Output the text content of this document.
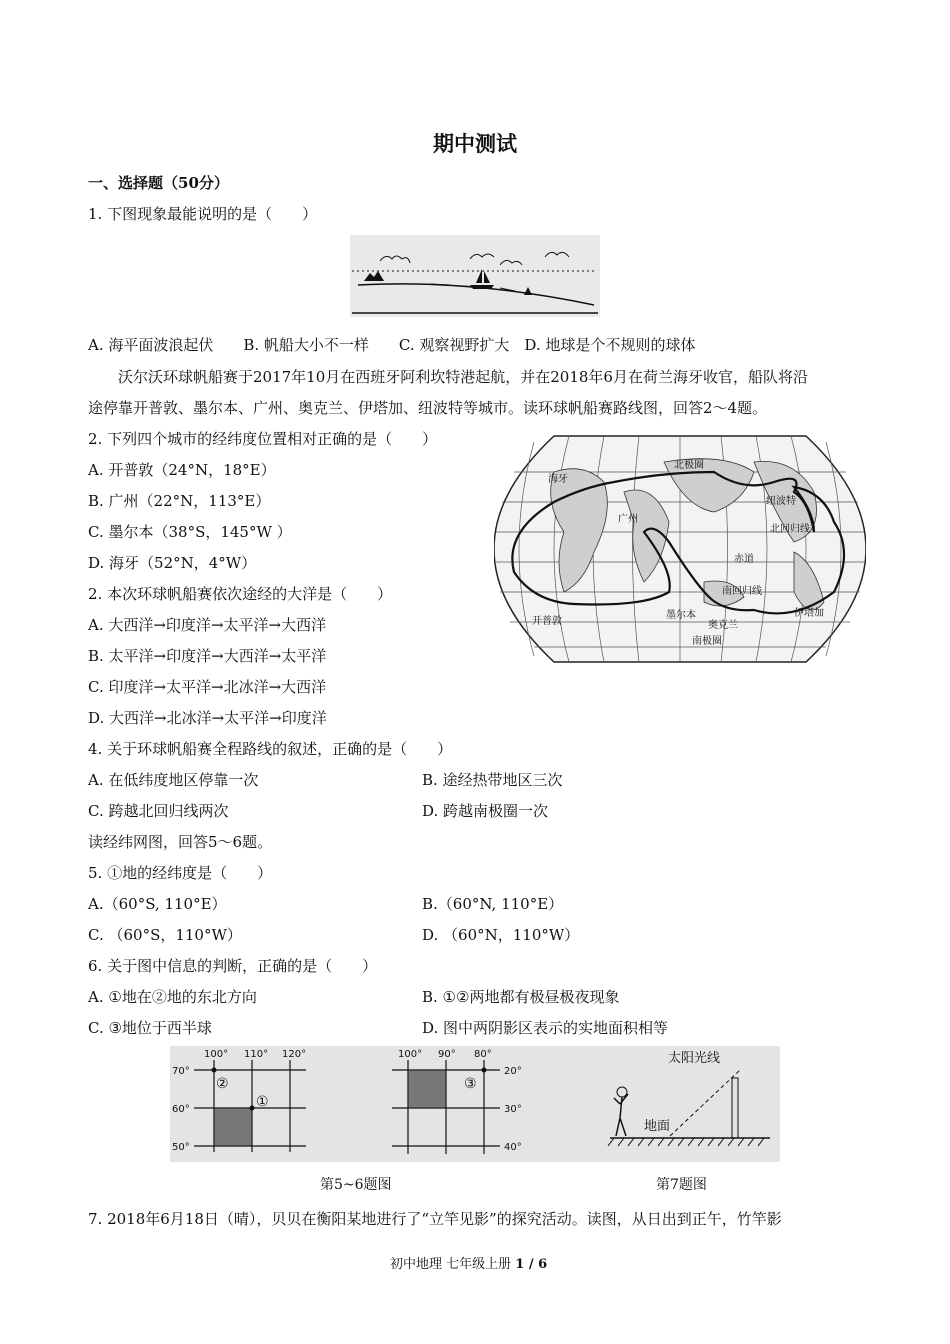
期中测试
一、选择题（50分）
1. 下图现象最能说明的是（　　）
A. 海平面波浪起伏　　B. 帆船大小不一样　　C. 观察视野扩大　D. 地球是个不规则的球体
沃尔沃环球帆船赛于2017年10月在西班牙阿利坎特港起航，并在2018年6月在荷兰海牙收官，船队将沿
途停靠开普敦、墨尔本、广州、奥克兰、伊塔加、纽波特等城市。读环球帆船赛路线图，回答2～4题。
2. 下列四个城市的经纬度位置相对正确的是（　　）
A. 开普敦（24°N，18°E）
B. 广州（22°N，113°E）
C. 墨尔本（38°S，145°W ）
D. 海牙（52°N，4°W）
2. 本次环球帆船赛依次途经的大洋是（　　）
A. 大西洋→印度洋→太平洋→大西洋
B. 太平洋→印度洋→大西洋→太平洋
C. 印度洋→太平洋→北冰洋→大西洋
D. 大西洋→北冰洋→太平洋→印度洋
海牙
北极圈
纽波特
北回归线
广州
赤道
南回归线
开普敦
墨尔本
奥克兰
伊塔加
南极圈
4. 关于环球帆船赛全程路线的叙述，正确的是（　　）
A. 在低纬度地区停靠一次	B. 途经热带地区三次
C. 跨越北回归线两次	D. 跨越南极圈一次
读经纬网图，回答5～6题。
5. ①地的经纬度是（　　）
A.（60°S, 110°E）	B.（60°N, 110°E）
C. （60°S，110°W）	D. （60°N，110°W）
6. 关于图中信息的判断，正确的是（　　）
A. ①地在②地的东北方向	B. ①②两地都有极昼极夜现象
C. ③地位于西半球	D. 图中两阴影区表示的实地面积相等
100° 110° 120°
70°
60°
50°
②
①
100° 90° 80°
20°
30°
40°
③
太阳光线
地面
第5~6题图	第7题图
7. 2018年6月18日（晴），贝贝在衡阳某地进行了“立竿见影”的探究活动。读图，从日出到正午，竹竿影
初中地理 七年级上册 1 / 6
